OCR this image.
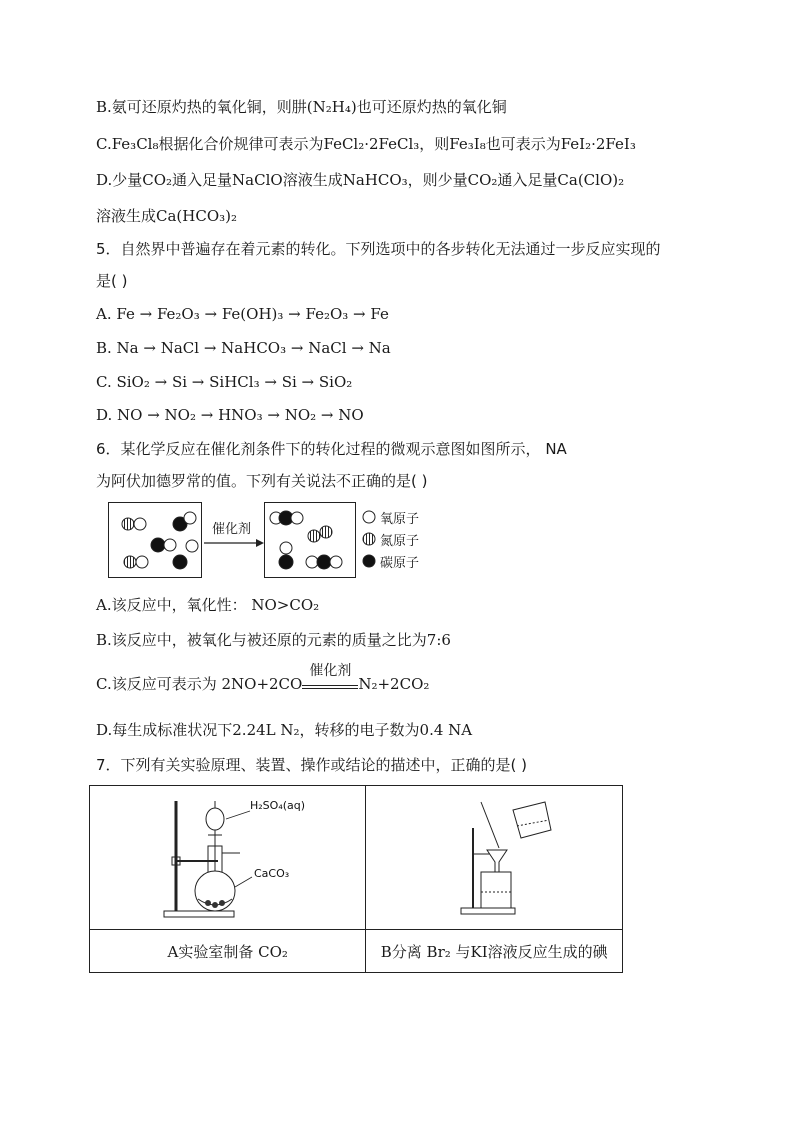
B.氨可还原灼热的氧化铜，则肼(N₂H₄)也可还原灼热的氧化铜
C.Fe₃Cl₈根据化合价规律可表示为FeCl₂·2FeCl₃，则Fe₃I₈也可表示为FeI₂·2FeI₃
D.少量CO₂通入足量NaClO溶液生成NaHCO₃，则少量CO₂通入足量Ca(ClO)₂
溶液生成Ca(HCO₃)₂
5．自然界中普遍存在着元素的转化。下列选项中的各步转化无法通过一步反应实现的
是( )
A. Fe → Fe₂O₃ → Fe(OH)₃ → Fe₂O₃ → Fe
B. Na → NaCl → NaHCO₃ → NaCl → Na
C. SiO₂ → Si → SiHCl₃ → Si → SiO₂
D. NO → NO₂ → HNO₃ → NO₂ → NO
6．某化学反应在催化剂条件下的转化过程的微观示意图如图所示， NA
为阿伏加德罗常的值。下列有关说法不正确的是( )
催化剂
氧原子
氮原子
碳原子
A.该反应中，氧化性： NO>CO₂
B.该反应中，被氧化与被还原的元素的质量之比为7:6
C.该反应可表示为 2NO+2CO
催化剂
N₂+2CO₂
D.每生成标准状况下2.24L N₂，转移的电子数为0.4 NA
7．下列有关实验原理、装置、操作或结论的描述中，正确的是( )
H₂SO₄(aq)
CaCO₃

A实验室制备 CO₂	B分离 Br₂ 与KI溶液反应生成的碘
